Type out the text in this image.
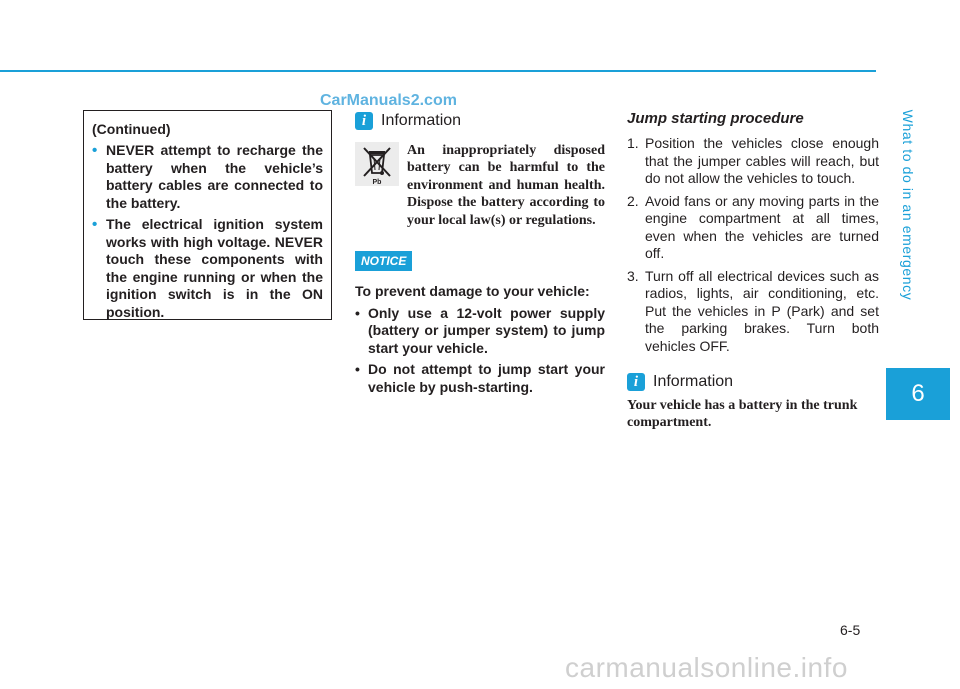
CarManuals2.com
What to do in an emergency
6
(Continued)
• NEVER attempt to recharge the battery when the vehicle’s battery cables are connected to the battery.
• The electrical ignition system works with high voltage. NEVER touch these components with the engine running or when the ignition switch is in the ON position.
i Information
Pb
An inappropriately disposed battery can be harmful to the environment and human health. Dispose the battery according to your local law(s) or regulations.
NOTICE
To prevent damage to your vehicle:
• Only use a 12-volt power supply (battery or jumper system) to jump start your vehicle.
• Do not attempt to jump start your vehicle by push-starting.
Jump starting procedure
1. Position the vehicles close enough that the jumper cables will reach, but do not allow the vehicles to touch.
2. Avoid fans or any moving parts in the engine compartment at all times, even when the vehicles are turned off.
3. Turn off all electrical devices such as radios, lights, air conditioning, etc. Put the vehicles in P (Park) and set the parking brakes. Turn both vehicles OFF.
i Information
Your vehicle has a battery in the trunk compartment.
6-5
carmanualsonline.info
